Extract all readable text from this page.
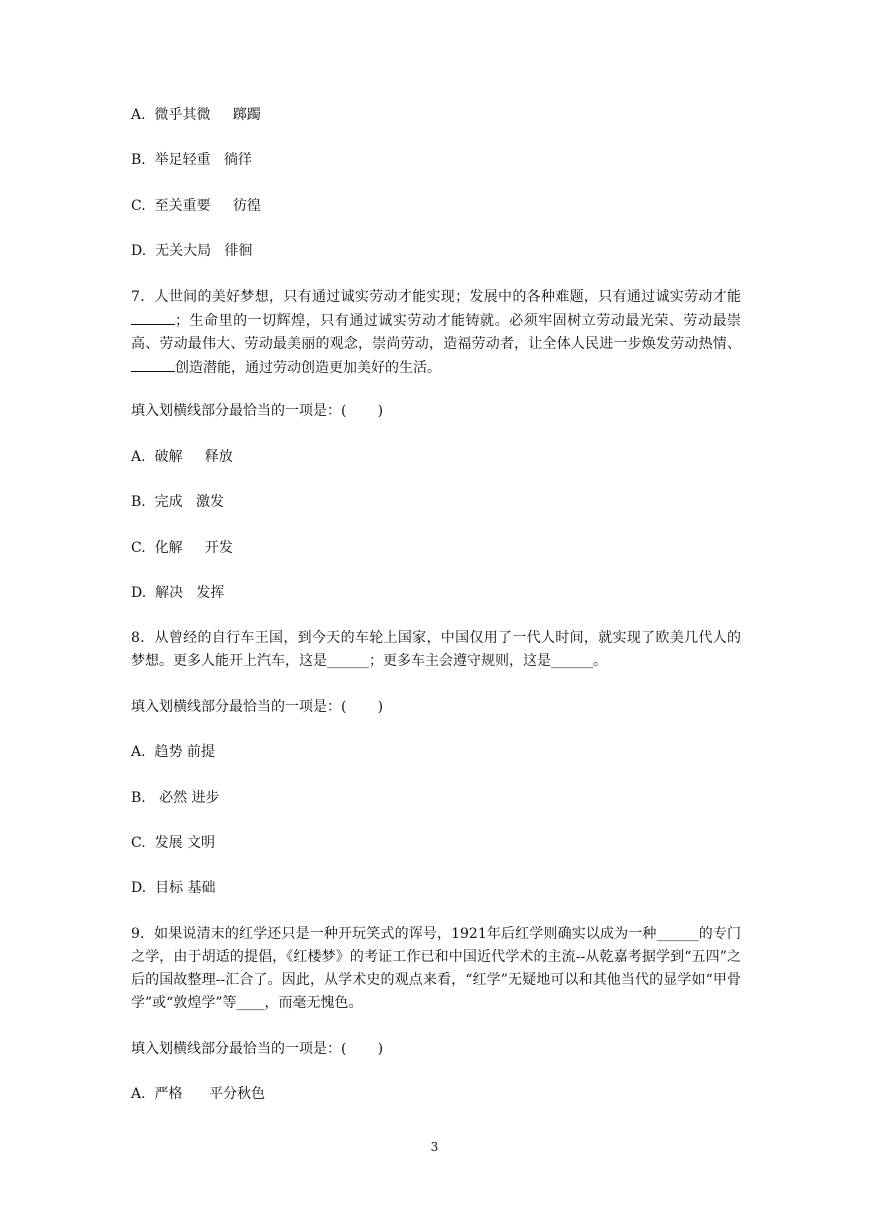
A.  微乎其微     踯躅
B.  举足轻重   徜徉
C.  至关重要     彷徨
D.  无关大局   徘徊
7．人世间的美好梦想，只有通过诚实劳动才能实现；发展中的各种难题，只有通过诚实劳动才能 ；生命里的一切辉煌，只有通过诚实劳动才能铸就。必须牢固树立劳动最光荣、劳动最崇高、劳动最伟大、劳动最美丽的观念，崇尚劳动，造福劳动者，让全体人民进一步焕发劳动热情、 创造潜能，通过劳动创造更加美好的生活。
填入划横线部分最恰当的一项是：(       )
A.  破解     释放
B.  完成   激发
C.  化解     开发
D.  解决   发挥
8．从曾经的自行车王国，到今天的车轮上国家，中国仅用了一代人时间，就实现了欧美几代人的梦想。更多人能开上汽车，这是______；更多车主会遵守规则，这是______。
填入划横线部分最恰当的一项是：(       )
A.  趋势 前提
B.   必然 进步
C.  发展 文明
D.  目标 基础
9．如果说清末的红学还只是一种开玩笑式的诨号，1921年后红学则确实以成为一种______的专门之学，由于胡适的提倡，《红楼梦》的考证工作已和中国近代学术的主流--从乾嘉考据学到“五四”之后的国故整理--汇合了。因此，从学术史的观点来看，“红学”无疑地可以和其他当代的显学如“甲骨学”或“敦煌学”等____，而毫无愧色。
填入划横线部分最恰当的一项是：(       )
A.  严格      平分秋色
3
